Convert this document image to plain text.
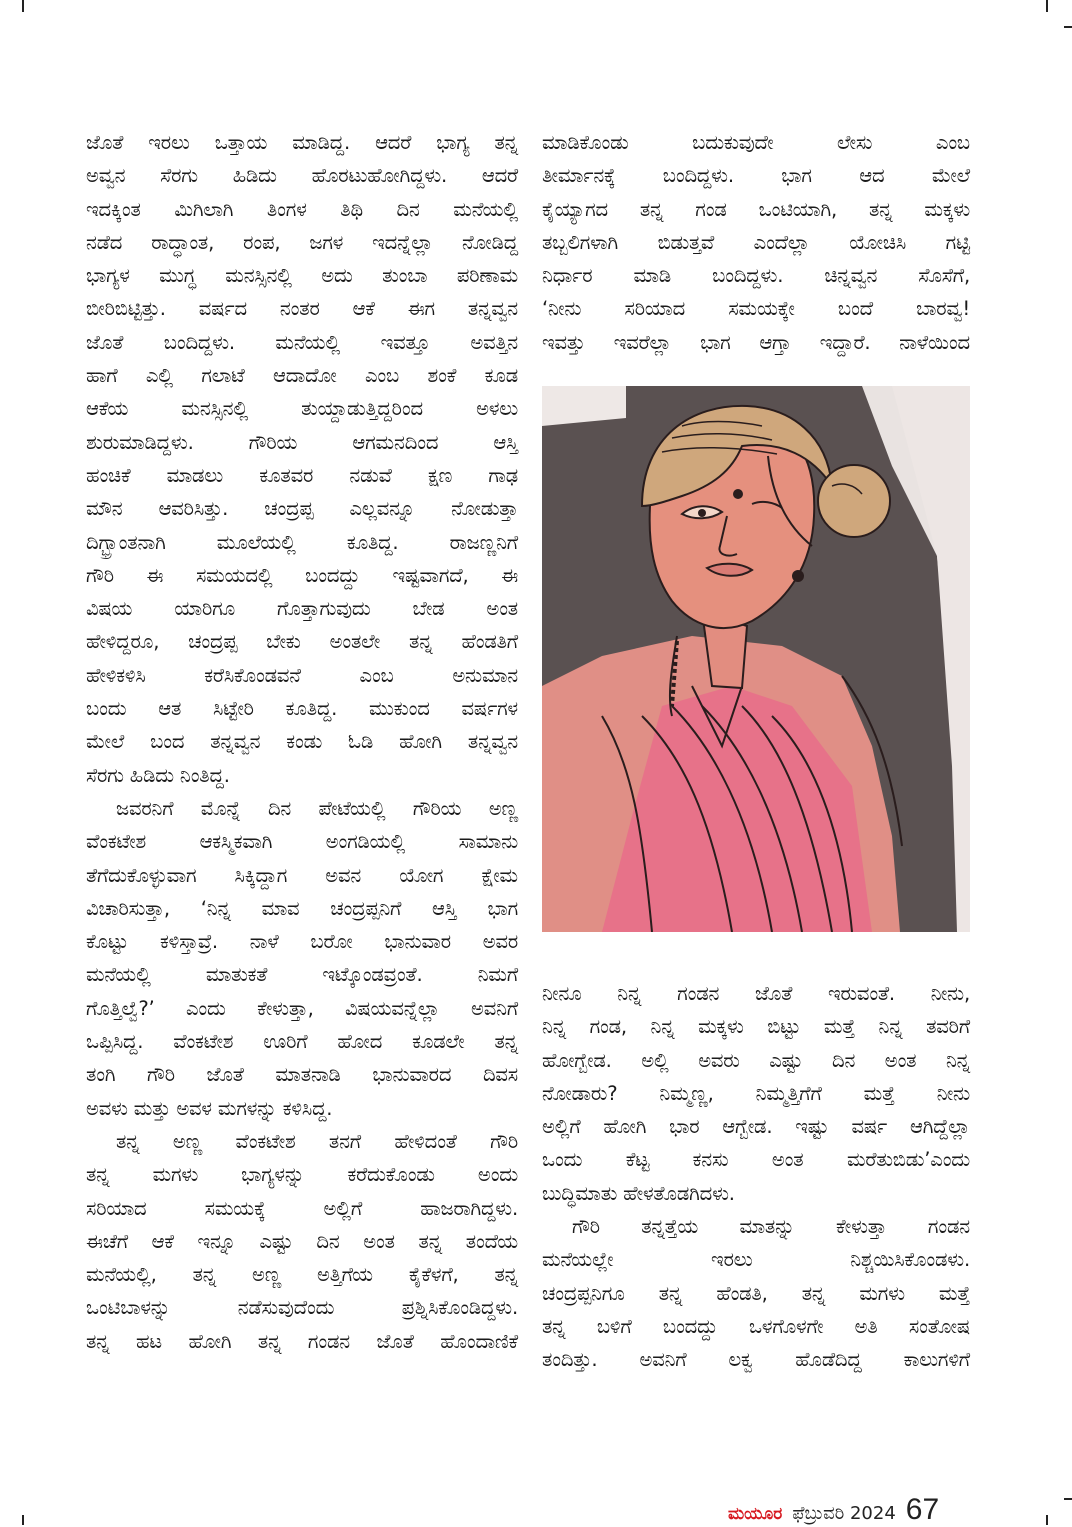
ಜೊತೆ ಇರಲು ಒತ್ತಾಯ ಮಾಡಿದ್ದ. ಆದರೆ ಭಾಗ್ಯ ತನ್ನ

ಅವ್ವನ ಸೆರಗು ಹಿಡಿದು ಹೊರಟುಹೋಗಿದ್ದಳು. ಆದರೆ

ಇದಕ್ಕಿಂತ ಮಿಗಿಲಾಗಿ ತಿಂಗಳ ತಿಥಿ ದಿನ ಮನೆಯಲ್ಲಿ

ನಡೆದ ರಾದ್ಧಾಂತ, ರಂಪ, ಜಗಳ ಇದನ್ನೆಲ್ಲಾ ನೋಡಿದ್ದ

ಭಾಗ್ಯಳ ಮುಗ್ಧ ಮನಸ್ಸಿನಲ್ಲಿ ಅದು ತುಂಬಾ ಪರಿಣಾಮ

ಬೀರಿಬಿಟ್ಟಿತ್ತು. ವರ್ಷದ ನಂತರ ಆಕೆ ಈಗ ತನ್ನವ್ವನ

ಜೊತೆ ಬಂದಿದ್ದಳು. ಮನೆಯಲ್ಲಿ ಇವತ್ತೂ ಅವತ್ತಿನ

ಹಾಗೆ ಎಲ್ಲಿ ಗಲಾಟೆ ಆದಾದೋ ಎಂಬ ಶಂಕೆ ಕೂಡ

ಆಕೆಯ ಮನಸ್ಸಿನಲ್ಲಿ ತುಯ್ದಾಡುತ್ತಿದ್ದರಿಂದ ಅಳಲು

ಶುರುಮಾಡಿದ್ದಳು. ಗೌರಿಯ ಆಗಮನದಿಂದ ಆಸ್ತಿ

ಹಂಚಿಕೆ ಮಾಡಲು ಕೂತವರ ನಡುವೆ ಕ್ಷಣ ಗಾಢ

ಮೌನ ಆವರಿಸಿತ್ತು. ಚಂದ್ರಪ್ಪ ಎಲ್ಲವನ್ನೂ ನೋಡುತ್ತಾ

ದಿಗ್ಭ್ರಾಂತನಾಗಿ ಮೂಲೆಯಲ್ಲಿ ಕೂತಿದ್ದ. ರಾಜಣ್ಣನಿಗೆ

ಗೌರಿ ಈ ಸಮಯದಲ್ಲಿ ಬಂದದ್ದು ಇಷ್ಟವಾಗದೆ, ಈ

ವಿಷಯ ಯಾರಿಗೂ ಗೊತ್ತಾಗುವುದು ಬೇಡ ಅಂತ

ಹೇಳಿದ್ದರೂ, ಚಂದ್ರಪ್ಪ ಬೇಕು ಅಂತಲೇ ತನ್ನ ಹೆಂಡತಿಗೆ

ಹೇಳಿಕಳಿಸಿ ಕರೆಸಿಕೊಂಡವನೆ ಎಂಬ ಅನುಮಾನ

ಬಂದು ಆತ ಸಿಟ್ಟೇರಿ ಕೂತಿದ್ದ. ಮುಕುಂದ ವರ್ಷಗಳ

ಮೇಲೆ ಬಂದ ತನ್ನವ್ವನ ಕಂಡು ಓಡಿ ಹೋಗಿ ತನ್ನವ್ವನ

ಸೆರಗು ಹಿಡಿದು ನಿಂತಿದ್ದ.

ಜವರನಿಗೆ ಮೊನ್ನೆ ದಿನ ಪೇಟೆಯಲ್ಲಿ ಗೌರಿಯ ಅಣ್ಣ

ವೆಂಕಟೇಶ ಆಕಸ್ಮಿಕವಾಗಿ ಅಂಗಡಿಯಲ್ಲಿ ಸಾಮಾನು

ತೆಗೆದುಕೊಳ್ಳುವಾಗ ಸಿಕ್ಕಿದ್ದಾಗ ಅವನ ಯೋಗ ಕ್ಷೇಮ

ವಿಚಾರಿಸುತ್ತಾ, ‘ನಿನ್ನ ಮಾವ ಚಂದ್ರಪ್ಪನಿಗೆ ಆಸ್ತಿ ಭಾಗ

ಕೊಟ್ಟು ಕಳಿಸ್ತಾವ್ರೆ. ನಾಳೆ ಬರೋ ಭಾನುವಾರ ಅವರ

ಮನೆಯಲ್ಲಿ ಮಾತುಕತೆ ಇಟ್ಕೊಂಡವ್ರಂತೆ. ನಿಮಗೆ

ಗೊತ್ತಿಲ್ವೆ?’ ಎಂದು ಕೇಳುತ್ತಾ, ವಿಷಯವನ್ನೆಲ್ಲಾ ಅವನಿಗೆ

ಒಪ್ಪಿಸಿದ್ದ. ವೆಂಕಟೇಶ ಊರಿಗೆ ಹೋದ ಕೂಡಲೇ ತನ್ನ

ತಂಗಿ ಗೌರಿ ಜೊತೆ ಮಾತನಾಡಿ ಭಾನುವಾರದ ದಿವಸ

ಅವಳು ಮತ್ತು ಅವಳ ಮಗಳನ್ನು ಕಳಿಸಿದ್ದ.

ತನ್ನ ಅಣ್ಣ ವೆಂಕಟೇಶ ತನಗೆ ಹೇಳಿದಂತೆ ಗೌರಿ

ತನ್ನ ಮಗಳು ಭಾಗ್ಯಳನ್ನು ಕರೆದುಕೊಂಡು ಅಂದು

ಸರಿಯಾದ ಸಮಯಕ್ಕೆ ಅಲ್ಲಿಗೆ ಹಾಜರಾಗಿದ್ದಳು.

ಈಚೆಗೆ ಆಕೆ ಇನ್ನೂ ಎಷ್ಟು ದಿನ ಅಂತ ತನ್ನ ತಂದೆಯ

ಮನೆಯಲ್ಲಿ, ತನ್ನ ಅಣ್ಣ ಅತ್ತಿಗೆಯ ಕೈಕೆಳಗೆ, ತನ್ನ

ಒಂಟಿಬಾಳನ್ನು ನಡೆಸುವುದೆಂದು ಪ್ರಶ್ನಿಸಿಕೊಂಡಿದ್ದಳು.

ತನ್ನ ಹಟ ಹೋಗಿ ತನ್ನ ಗಂಡನ ಜೊತೆ ಹೊಂದಾಣಿಕೆ

ಮಾಡಿಕೊಂಡು ಬದುಕುವುದೇ ಲೇಸು ಎಂಬ

ತೀರ್ಮಾನಕ್ಕೆ ಬಂದಿದ್ದಳು. ಭಾಗ ಆದ ಮೇಲೆ

ಕೈಯ್ಯಾಗದ ತನ್ನ ಗಂಡ ಒಂಟಿಯಾಗಿ, ತನ್ನ ಮಕ್ಕಳು

ತಬ್ಬಲಿಗಳಾಗಿ ಬಿಡುತ್ತವೆ ಎಂದೆಲ್ಲಾ ಯೋಚಿಸಿ ಗಟ್ಟಿ

ನಿರ್ಧಾರ ಮಾಡಿ ಬಂದಿದ್ದಳು. ಚಿನ್ನವ್ವನ ಸೊಸೆಗೆ,

‘ನೀನು ಸರಿಯಾದ ಸಮಯಕ್ಕೇ ಬಂದೆ ಬಾರವ್ವ!

ಇವತ್ತು ಇವರೆಲ್ಲಾ ಭಾಗ ಆಗ್ತಾ ಇದ್ದಾರೆ. ನಾಳೆಯಿಂದ

ನೀನೂ ನಿನ್ನ ಗಂಡನ ಜೊತೆ ಇರುವಂತೆ. ನೀನು,

ನಿನ್ನ ಗಂಡ, ನಿನ್ನ ಮಕ್ಕಳು ಬಿಟ್ಟು ಮತ್ತೆ ನಿನ್ನ ತವರಿಗೆ

ಹೋಗ್ಬೇಡ. ಅಲ್ಲಿ ಅವರು ಎಷ್ಟು ದಿನ ಅಂತ ನಿನ್ನ

ನೋಡಾರು? ನಿಮ್ಮಣ್ಣ, ನಿಮ್ಮತ್ತಿಗೆಗೆ ಮತ್ತೆ ನೀನು

ಅಲ್ಲಿಗೆ ಹೋಗಿ ಭಾರ ಆಗ್ಬೇಡ. ಇಷ್ಟು ವರ್ಷ ಆಗಿದ್ದೆಲ್ಲಾ

ಒಂದು ಕೆಟ್ಟ ಕನಸು ಅಂತ ಮರೆತುಬಿಡು’ಎಂದು

ಬುದ್ಧಿಮಾತು ಹೇಳತೊಡಗಿದಳು.

ಗೌರಿ ತನ್ನತ್ತೆಯ ಮಾತನ್ನು ಕೇಳುತ್ತಾ ಗಂಡನ

ಮನೆಯಲ್ಲೇ ಇರಲು ನಿಶ್ಚಯಿಸಿಕೊಂಡಳು.

ಚಂದ್ರಪ್ಪನಿಗೂ ತನ್ನ ಹೆಂಡತಿ, ತನ್ನ ಮಗಳು ಮತ್ತೆ

ತನ್ನ ಬಳಿಗೆ ಬಂದದ್ದು ಒಳಗೊಳಗೇ ಅತಿ ಸಂತೋಷ

ತಂದಿತ್ತು. ಅವನಿಗೆ ಲಕ್ವ ಹೊಡೆದಿದ್ದ ಕಾಲುಗಳಿಗೆ

ಮಯೂರ ಫೆಬ್ರುವರಿ 2024 67
